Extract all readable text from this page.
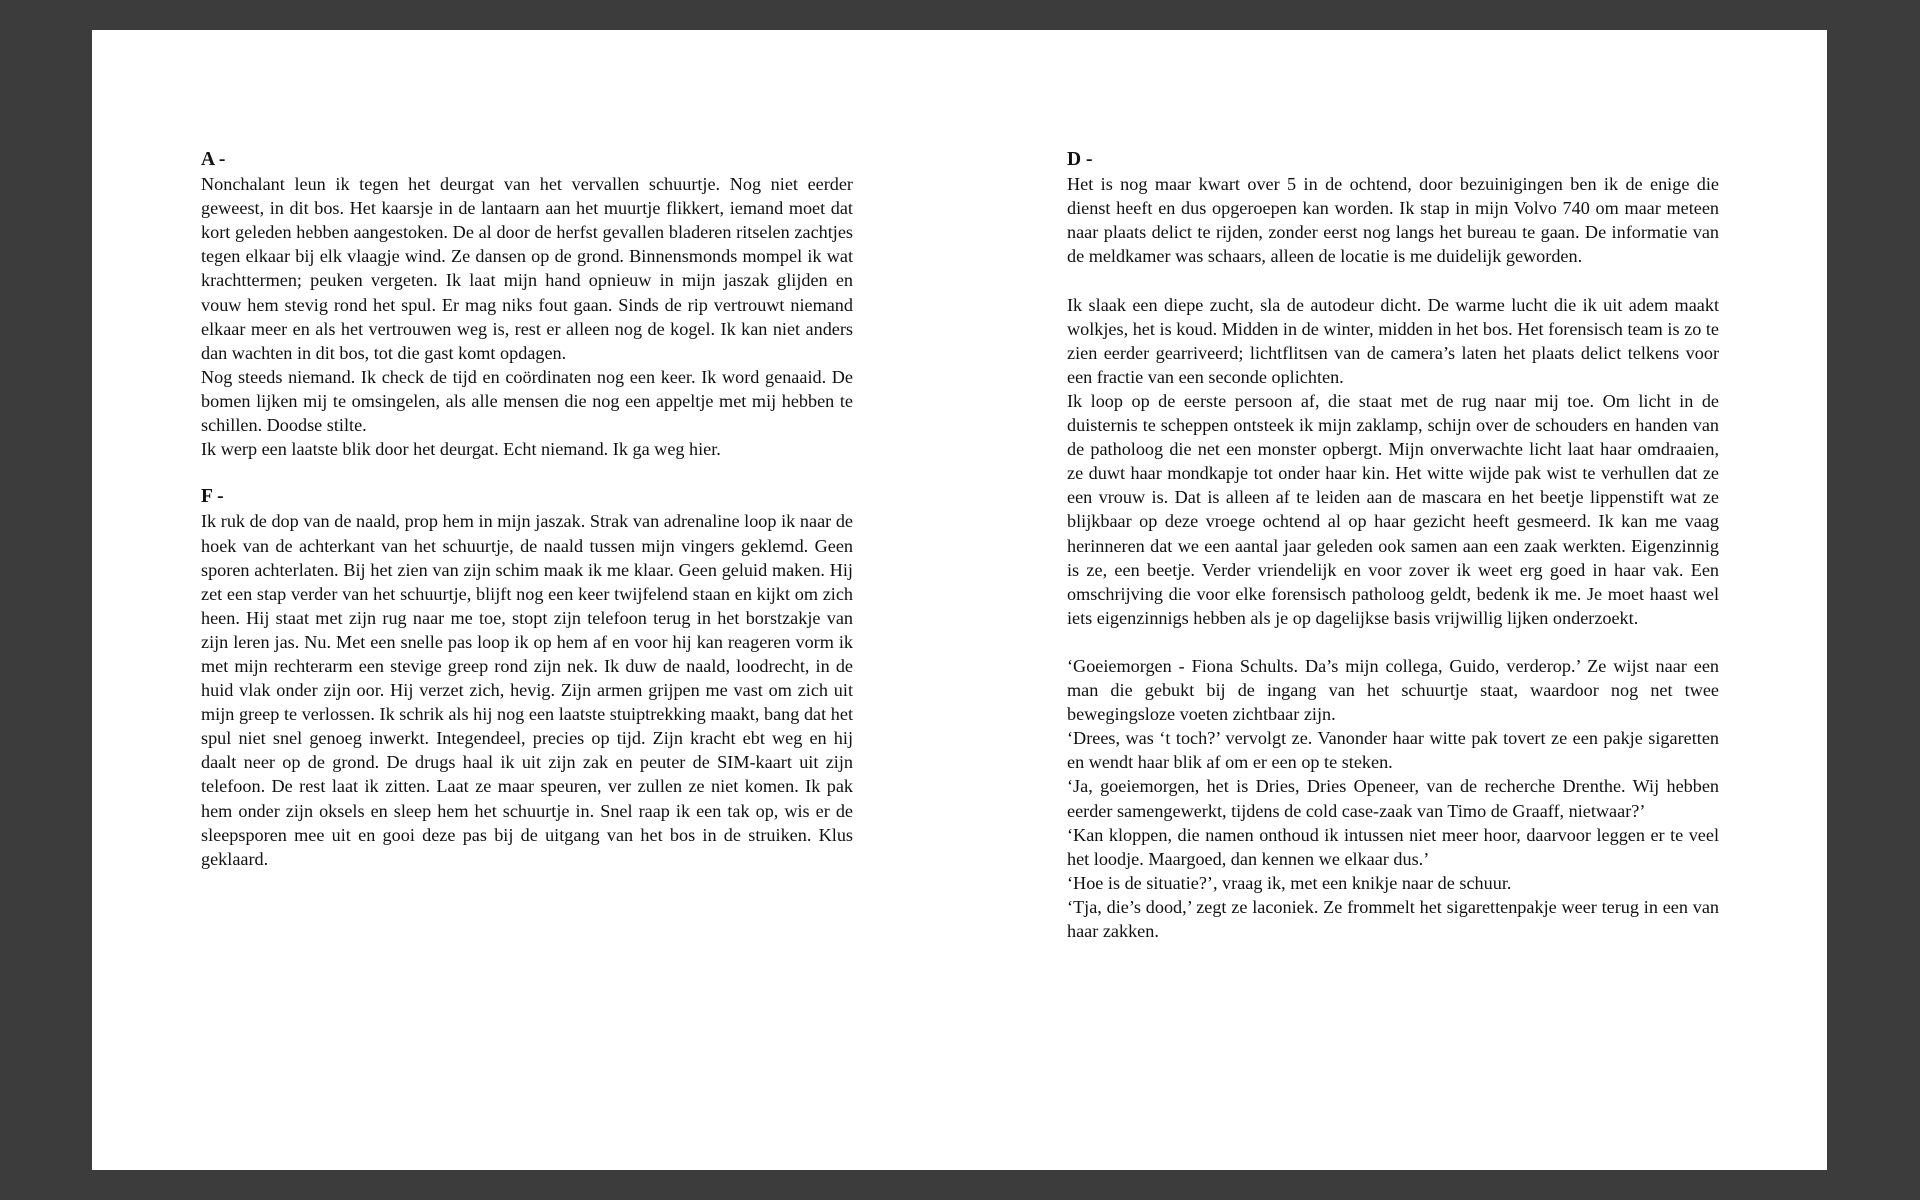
A -

Nonchalant leun ik tegen het deurgat van het vervallen schuurtje. Nog niet eerder geweest, in dit bos. Het kaarsje in de lantaarn aan het muurtje flikkert, iemand moet dat kort geleden hebben aangestoken. De al door de herfst gevallen bladeren ritselen zachtjes tegen elkaar bij elk vlaagje wind. Ze dansen op de grond. Binnensmonds mompel ik wat krachttermen; peuken vergeten. Ik laat mijn hand opnieuw in mijn jaszak glijden en vouw hem stevig rond het spul. Er mag niks fout gaan. Sinds de rip vertrouwt niemand elkaar meer en als het vertrouwen weg is, rest er alleen nog de kogel. Ik kan niet anders dan wachten in dit bos, tot die gast komt opdagen.

Nog steeds niemand. Ik check de tijd en coördinaten nog een keer. Ik word genaaid. De bomen lijken mij te omsingelen, als alle mensen die nog een appeltje met mij hebben te schillen. Doodse stilte.

Ik werp een laatste blik door het deurgat. Echt niemand. Ik ga weg hier.

F -

Ik ruk de dop van de naald, prop hem in mijn jaszak. Strak van adrenaline loop ik naar de hoek van de achterkant van het schuurtje, de naald tussen mijn vingers geklemd. Geen sporen achterlaten. Bij het zien van zijn schim maak ik me klaar. Geen geluid maken. Hij zet een stap verder van het schuurtje, blijft nog een keer twijfelend staan en kijkt om zich heen. Hij staat met zijn rug naar me toe, stopt zijn telefoon terug in het borstzakje van zijn leren jas. Nu. Met een snelle pas loop ik op hem af en voor hij kan reageren vorm ik met mijn rechterarm een stevige greep rond zijn nek. Ik duw de naald, loodrecht, in de huid vlak onder zijn oor. Hij verzet zich, hevig. Zijn armen grijpen me vast om zich uit mijn greep te verlossen. Ik schrik als hij nog een laatste stuiptrekking maakt, bang dat het spul niet snel genoeg inwerkt. Integendeel, precies op tijd. Zijn kracht ebt weg en hij daalt neer op de grond. De drugs haal ik uit zijn zak en peuter de SIM-kaart uit zijn telefoon. De rest laat ik zitten. Laat ze maar speuren, ver zullen ze niet komen. Ik pak hem onder zijn oksels en sleep hem het schuurtje in. Snel raap ik een tak op, wis er de sleepsporen mee uit en gooi deze pas bij de uitgang van het bos in de struiken. Klus geklaard.

D -

Het is nog maar kwart over 5 in de ochtend, door bezuinigingen ben ik de enige die dienst heeft en dus opgeroepen kan worden. Ik stap in mijn Volvo 740 om maar meteen naar plaats delict te rijden, zonder eerst nog langs het bureau te gaan. De informatie van de meldkamer was schaars, alleen de locatie is me duidelijk geworden.

Ik slaak een diepe zucht, sla de autodeur dicht. De warme lucht die ik uit adem maakt wolkjes, het is koud. Midden in de winter, midden in het bos. Het forensisch team is zo te zien eerder gearriveerd; lichtflitsen van de camera’s laten het plaats delict telkens voor een fractie van een seconde oplichten.

Ik loop op de eerste persoon af, die staat met de rug naar mij toe. Om licht in de duisternis te scheppen ontsteek ik mijn zaklamp, schijn over de schouders en handen van de patholoog die net een monster opbergt. Mijn onverwachte licht laat haar omdraaien, ze duwt haar mondkapje tot onder haar kin. Het witte wijde pak wist te verhullen dat ze een vrouw is. Dat is alleen af te leiden aan de mascara en het beetje lippenstift wat ze blijkbaar op deze vroege ochtend al op haar gezicht heeft gesmeerd. Ik kan me vaag herinneren dat we een aantal jaar geleden ook samen aan een zaak werkten. Eigenzinnig is ze, een beetje. Verder vriendelijk en voor zover ik weet erg goed in haar vak. Een omschrijving die voor elke forensisch patholoog geldt, bedenk ik me. Je moet haast wel iets eigenzinnigs hebben als je op dagelijkse basis vrijwillig lijken onderzoekt.

‘Goeiemorgen - Fiona Schults. Da’s mijn collega, Guido, verderop.’ Ze wijst naar een man die gebukt bij de ingang van het schuurtje staat, waardoor nog net twee bewegingsloze voeten zichtbaar zijn.

‘Drees, was ‘t toch?’ vervolgt ze. Vanonder haar witte pak tovert ze een pakje sigaretten en wendt haar blik af om er een op te steken.

‘Ja, goeiemorgen, het is Dries, Dries Openeer, van de recherche Drenthe. Wij hebben eerder samengewerkt, tijdens de cold case-zaak van Timo de Graaff, nietwaar?’

‘Kan kloppen, die namen onthoud ik intussen niet meer hoor, daarvoor leggen er te veel het loodje. Maargoed, dan kennen we elkaar dus.’

‘Hoe is de situatie?’, vraag ik, met een knikje naar de schuur.

‘Tja, die’s dood,’ zegt ze laconiek. Ze frommelt het sigarettenpakje weer terug in een van haar zakken.
